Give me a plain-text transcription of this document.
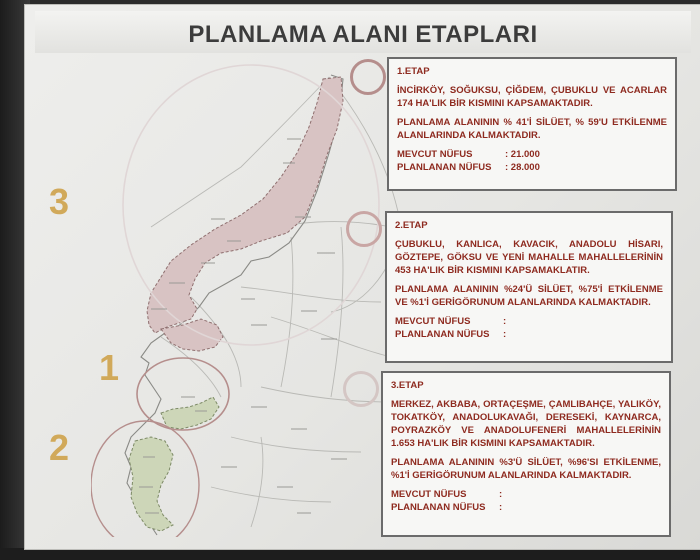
PLANLAMA ALANI ETAPLARI
3
1
2
1.ETAP

İNCİRKÖY, SOĞUKSU, ÇİĞDEM, ÇUBUKLU VE ACARLAR 174 HA'LIK BİR KISMINI KAPSAMAKTADIR.

PLANLAMA ALANININ % 41'İ SİLÜET, % 59'U ETKİLENME ALANLARINDA KALMAKTADIR.

MEVCUT NÜFUS	: 21.000
PLANLANAN NÜFUS	: 28.000
2.ETAP

ÇUBUKLU, KANLICA, KAVACIK, ANADOLU HİSARI, GÖZTEPE, GÖKSU VE YENİ MAHALLE MAHALLELERİNİN 453 HA'LIK BİR KISMINI KAPSAMAKLATIR.

PLANLAMA ALANININ %24'Ü SİLÜET, %75'İ ETKİLENME VE %1'İ GERİGÖRUNUM ALANLARINDA KALMAKTADIR.

MEVCUT NÜFUS	:
PLANLANAN NÜFUS	:
3.ETAP

MERKEZ, AKBABA, ORTAÇEŞME, ÇAMLIBAHÇE, YALIKÖY, TOKATKÖY, ANADOLUKAVAĞI, DERESEKİ, KAYNARCA, POYRAZKÖY VE ANADOLUFENERİ MAHALLELERİNİN 1.653 HA'LIK BİR KISMINI KAPSAMAKTADIR.

PLANLAMA ALANININ %3'Ü SİLÜET, %96'SI ETKİLENME, %1'İ GERİGÖRUNUM ALANLARINDA KALMAKTADIR.

MEVCUT NÜFUS	:
PLANLANAN NÜFUS	:
